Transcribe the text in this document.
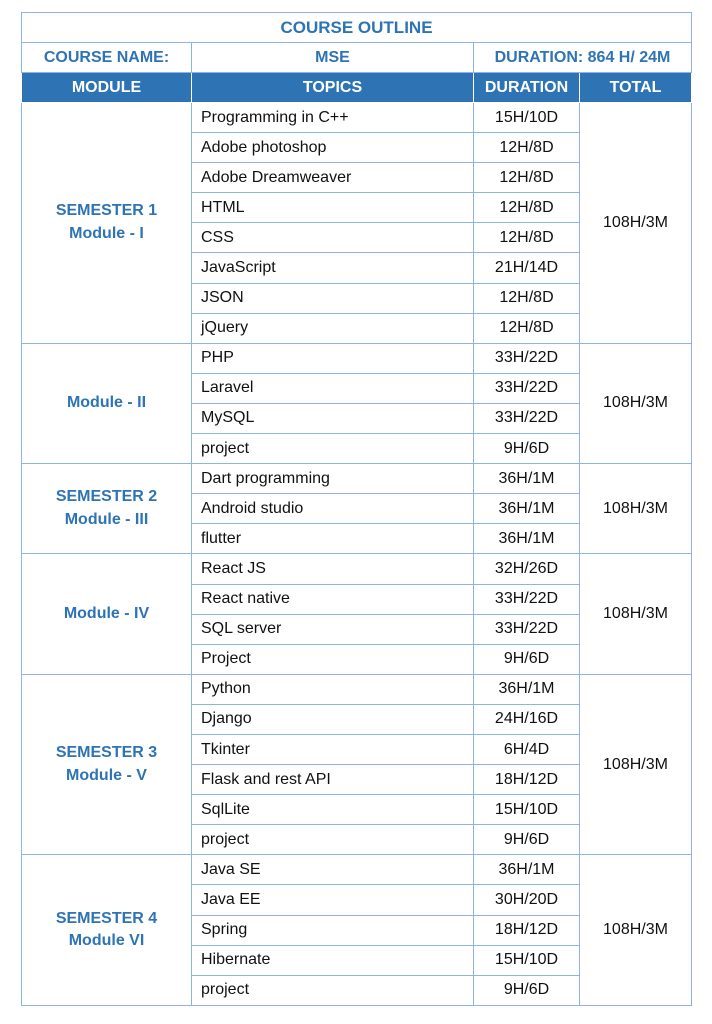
COURSE OUTLINE			
COURSE NAME:	MSE	DURATION: 864 H/ 24M	
MODULE	TOPICS	DURATION	TOTAL

SEMESTER 1
Module - I	Programming in C++	15H/10D	108H/3M
	Adobe photoshop	12H/8D	
	Adobe Dreamweaver	12H/8D	
	HTML	12H/8D	
	CSS	12H/8D	
	JavaScript	21H/14D	
	JSON	12H/8D	
	jQuery	12H/8D	

Module - II	PHP	33H/22D	108H/3M
	Laravel	33H/22D	
	MySQL	33H/22D	
	project	9H/6D	

SEMESTER 2
Module - III	Dart programming	36H/1M	108H/3M
	Android studio	36H/1M	
	flutter	36H/1M	

Module - IV	React JS	32H/26D	108H/3M
	React native	33H/22D	
	SQL server	33H/22D	
	Project	9H/6D	

SEMESTER 3
Module - V	Python	36H/1M	108H/3M
	Django	24H/16D	
	Tkinter	6H/4D	
	Flask and rest API	18H/12D	
	SqlLite	15H/10D	
	project	9H/6D	

SEMESTER 4
Module VI	Java SE	36H/1M	108H/3M
	Java EE	30H/20D	
	Spring	18H/12D	
	Hibernate	15H/10D	
	project	9H/6D	
